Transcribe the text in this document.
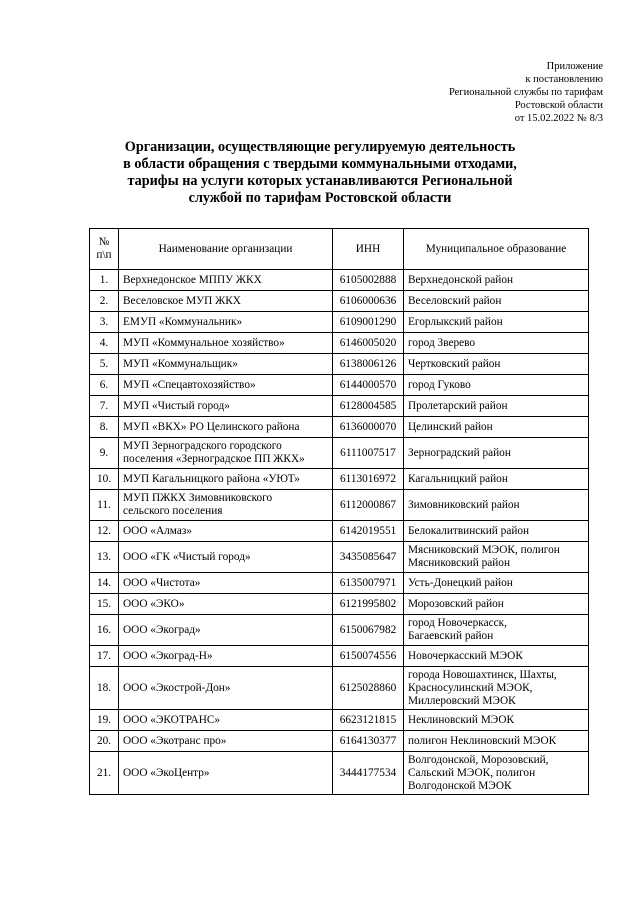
Приложение
к постановлению
Региональной службы по тарифам
Ростовской области
от 15.02.2022 № 8/3
Организации, осуществляющие регулируемую деятельность
в области обращения с твердыми коммунальными отходами,
тарифы на услуги которых устанавливаются Региональной
службой по тарифам Ростовской области
№
п\п	Наименование организации	ИНН	Муниципальное образование
1.	Верхнедонское МППУ ЖКХ	6105002888	Верхнедонской район

2.	Веселовское МУП ЖКХ	6106000636	Веселовский район

3.	ЕМУП «Коммунальник»	6109001290	Егорлыкский район

4.	МУП «Коммунальное хозяйство»	6146005020	город Зверево

5.	МУП «Коммунальщик»	6138006126	Чертковский район

6.	МУП «Спецавтохозяйство»	6144000570	город Гуково

7.	МУП «Чистый город»	6128004585	Пролетарский район

8.	МУП «ВКХ» РО Целинского района	6136000070	Целинский район

9.	МУП Зерноградского городского
поселения «Зерноградское ПП ЖКХ»	6111007517	Зерноградский район

10.	МУП Кагальницкого района «УЮТ»	6113016972	Кагальницкий район

11.	МУП ПЖКХ Зимовниковского
сельского поселения	6112000867	Зимовниковский район

12.	ООО «Алмаз»	6142019551	Белокалитвинский район

13.	ООО «ГК «Чистый город»	3435085647	Мясниковский МЭОК, полигон
Мясниковский район

14.	ООО «Чистота»	6135007971	Усть-Донецкий район

15.	ООО «ЭКО»	6121995802	Морозовский район

16.	ООО «Экоград»	6150067982	город Новочеркасск,
Багаевский район

17.	ООО «Экоград-Н»	6150074556	Новочеркасский МЭОК

18.	ООО «Экострой-Дон»	6125028860	города Новошахтинск, Шахты,
Красносулинский МЭОК,
Миллеровский МЭОК

19.	ООО «ЭКОТРАНС»	6623121815	Неклиновский МЭОК

20.	ООО «Экотранс про»	6164130377	полигон Неклиновский МЭОК

21.	ООО «ЭкоЦентр»	3444177534	Волгодонской, Морозовский,
Сальский МЭОК, полигон
Волгодонской МЭОК
